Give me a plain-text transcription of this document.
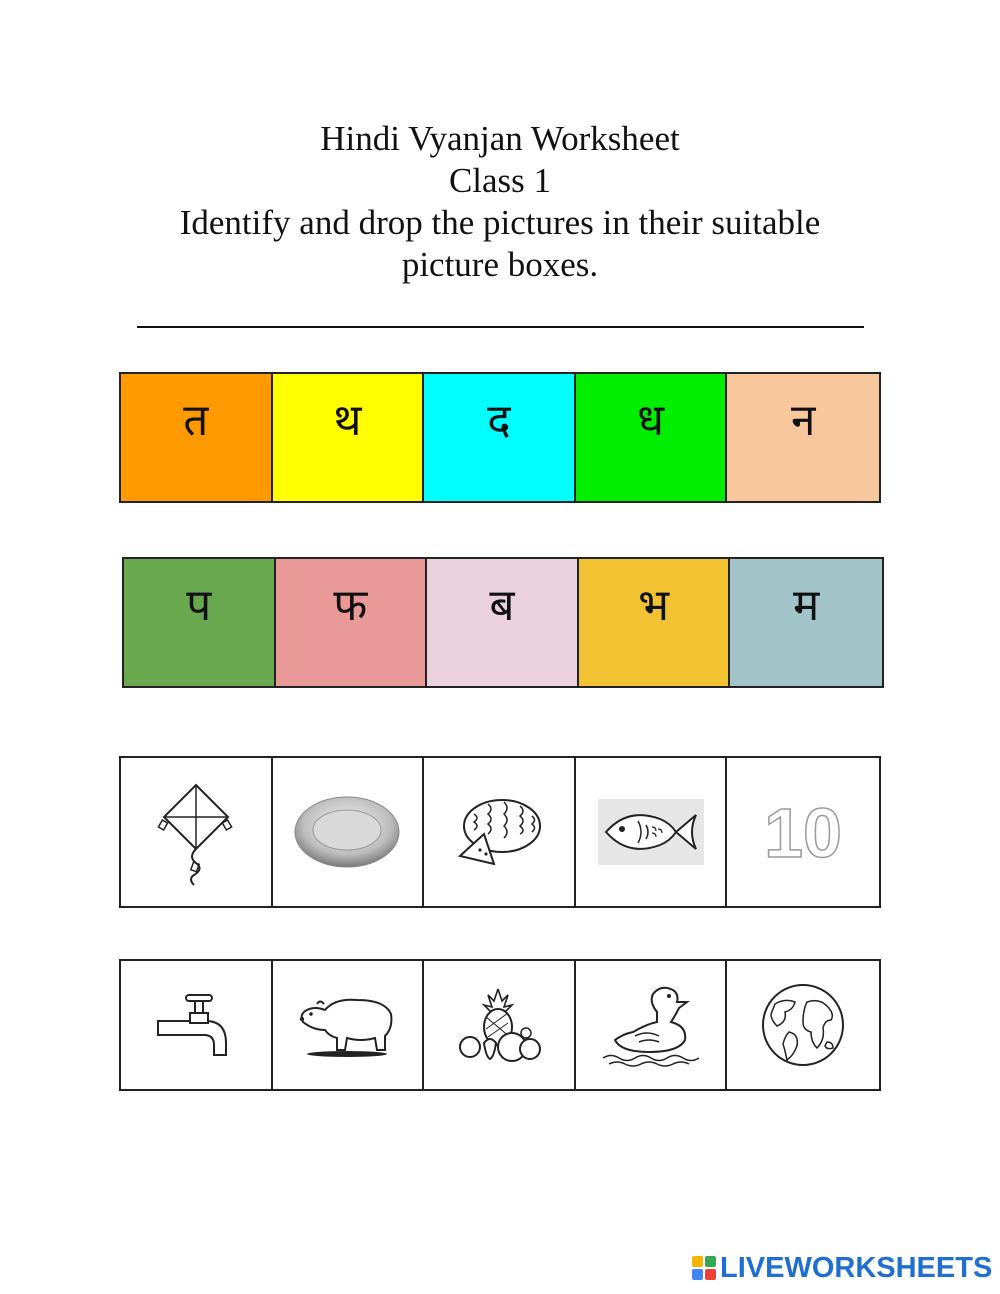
Hindi Vyanjan Worksheet
Class 1
Identify and drop the pictures in their suitable
picture boxes.
त	थ	द	ध	न
प	फ	ब	भ	म
10
LIVEWORKSHEETS
